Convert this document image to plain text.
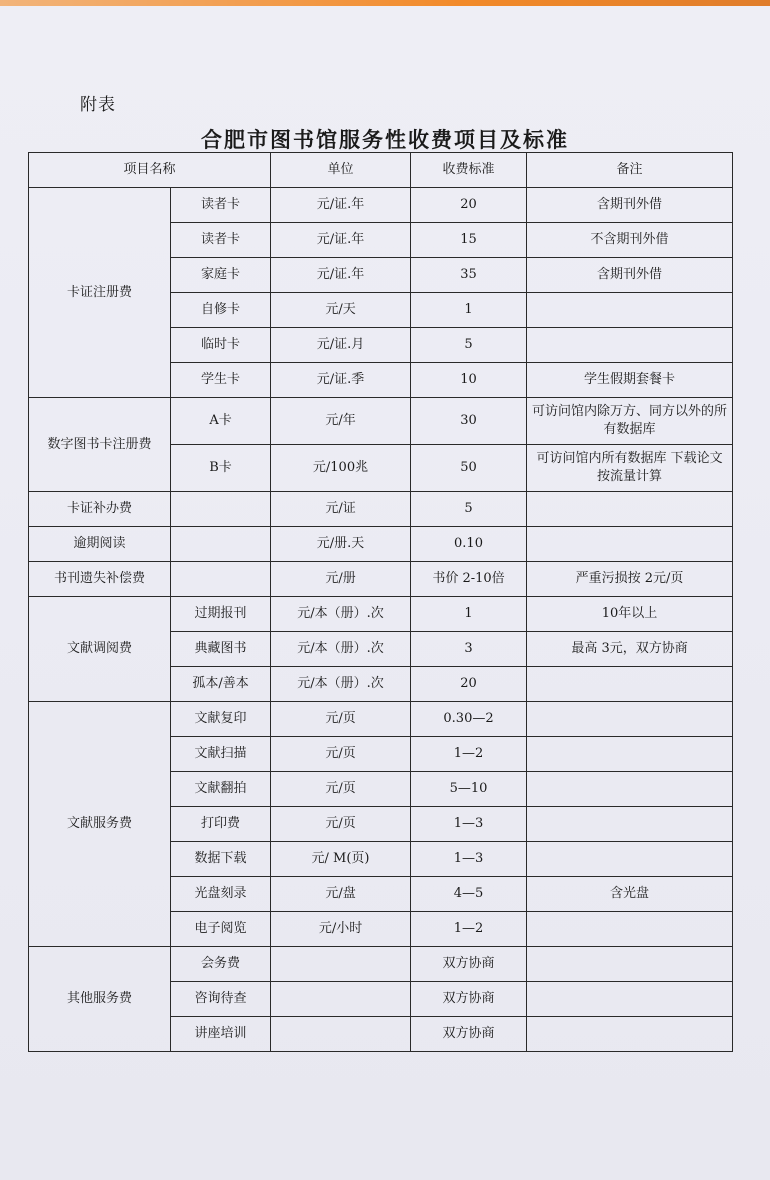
附表
合肥市图书馆服务性收费项目及标准
项目名称		单位	收费标准	备注
卡证注册费	读者卡	元/证.年	20	含期刊外借
	读者卡	元/证.年	15	不含期刊外借
	家庭卡	元/证.年	35	含期刊外借
	自修卡	元/天	1	
	临时卡	元/证.月	5	
	学生卡	元/证.季	10	学生假期套餐卡
数字图书卡注册费	A卡	元/年	30	可访问馆内除万方、同方以外的所有数据库
	B卡	元/100兆	50	可访问馆内所有数据库 下载论文按流量计算
卡证补办费		元/证	5	
逾期阅读		元/册.天	0.10	
书刊遗失补偿费		元/册	书价 2-10倍	严重污损按 2元/页
文献调阅费	过期报刊	元/本（册）.次	1	10年以上
	典藏图书	元/本（册）.次	3	最高 3元，双方协商
	孤本/善本	元/本（册）.次	20	
文献服务费	文献复印	元/页	0.30—2	
	文献扫描	元/页	1—2	
	文献翻拍	元/页	5—10	
	打印费	元/页	1—3	
	数据下载	元/ M(页)	1—3	
	光盘刻录	元/盘	4—5	含光盘
	电子阅览	元/小时	1—2	
其他服务费	会务费		双方协商	
	咨询待查		双方协商	
	讲座培训		双方协商	
